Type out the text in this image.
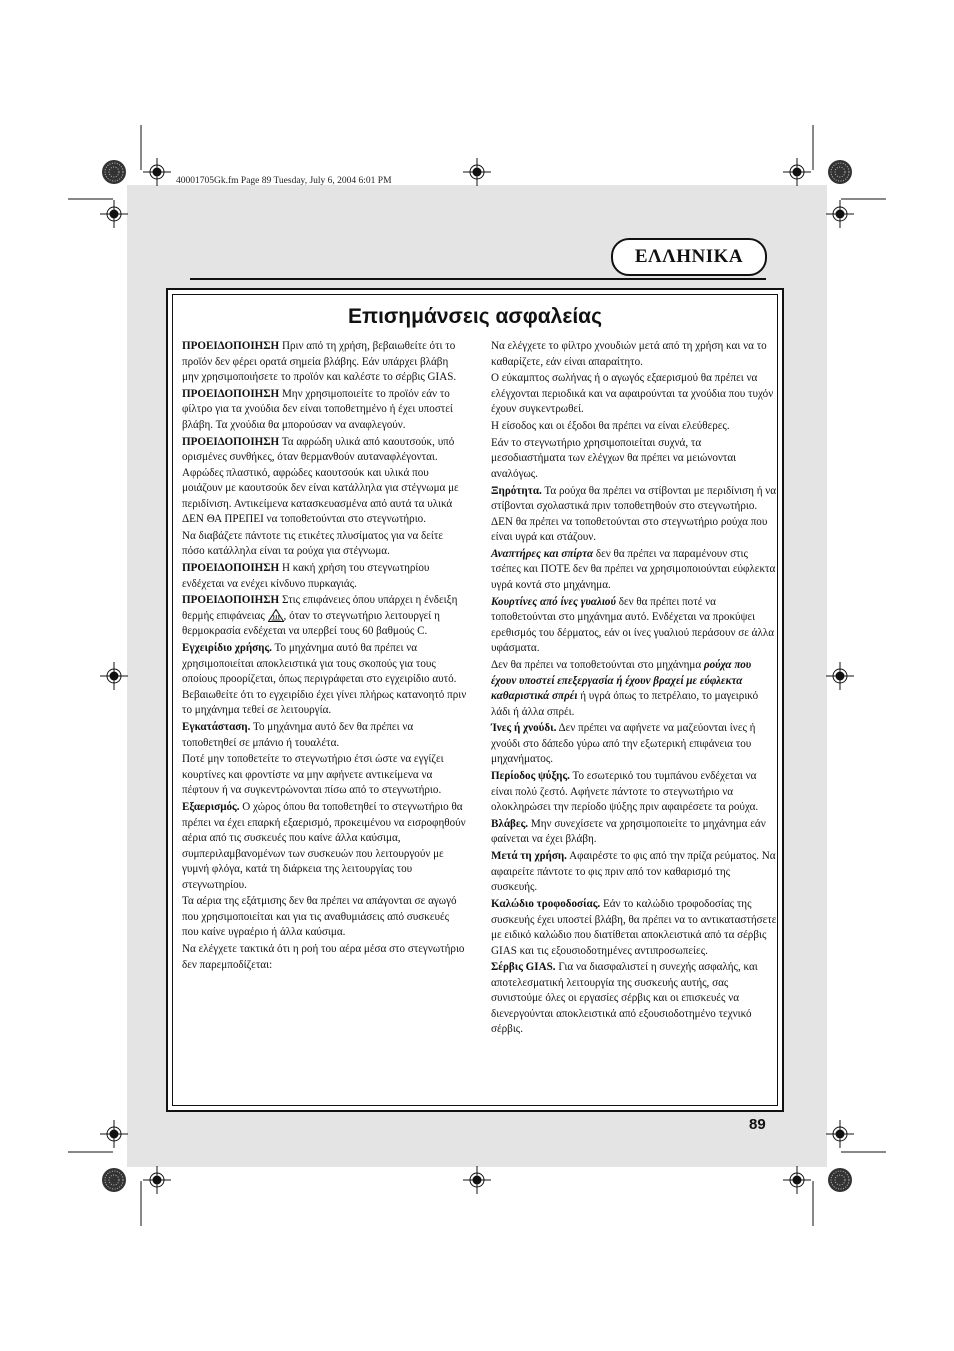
40001705Gk.fm Page 89 Tuesday, July 6, 2004 6:01 PM
ΕΛΛΗΝΙΚΑ
Επισημάνσεις ασφαλείας

ΠΡΟΕΙΔΟΠΟΙΗΣΗ Πριν από τη χρήση, βεβαιωθείτε ότι το προϊόν δεν φέρει ορατά σημεία βλάβης. Εάν υπάρχει βλάβη μην χρησιμοποιήσετε το προϊόν και καλέστε το σέρβις GIAS.

ΠΡΟΕΙΔΟΠΟΙΗΣΗ Μην χρησιμοποιείτε το προϊόν εάν το φίλτρο για τα χνούδια δεν είναι τοποθετημένο ή έχει υποστεί βλάβη. Τα χνούδια θα μπορούσαν να αναφλεγούν.

ΠΡΟΕΙΔΟΠΟΙΗΣΗ Τα αφρώδη υλικά από καουτσούκ, υπό ορισμένες συνθήκες, όταν θερμανθούν αυταναφλέγονται. Αφρώδες πλαστικό, αφρώδες καουτσούκ και υλικά που μοιάζουν με καουτσούκ δεν είναι κατάλληλα για στέγνωμα με περιδίνιση. Αντικείμενα κατασκευασμένα από αυτά τα υλικά ΔΕΝ ΘΑ ΠΡΕΠΕΙ να τοποθετούνται στο στεγνωτήριο.

Να διαβάζετε πάντοτε τις ετικέτες πλυσίματος για να δείτε πόσο κατάλληλα είναι τα ρούχα για στέγνωμα.

ΠΡΟΕΙΔΟΠΟΙΗΣΗ Η κακή χρήση του στεγνωτηρίου ενδέχεται να ενέχει κίνδυνο πυρκαγιάς.

ΠΡΟΕΙΔΟΠΟΙΗΣΗ Στις επιφάνειες όπου υπάρχει η ένδειξη θερμής επιφάνειας , όταν το στεγνωτήριο λειτουργεί η θερμοκρασία ενδέχεται να υπερβεί τους 60 βαθμούς C.

Εγχειρίδιο χρήσης. Το μηχάνημα αυτό θα πρέπει να χρησιμοποιείται αποκλειστικά για τους σκοπούς για τους οποίους προορίζεται, όπως περιγράφεται στο εγχειρίδιο αυτό. Βεβαιωθείτε ότι το εγχειρίδιο έχει γίνει πλήρως κατανοητό πριν το μηχάνημα τεθεί σε λειτουργία.

Εγκατάσταση. Το μηχάνημα αυτό δεν θα πρέπει να τοποθετηθεί σε μπάνιο ή τουαλέτα.

Ποτέ μην τοποθετείτε το στεγνωτήριο έτσι ώστε να εγγίζει κουρτίνες και φροντίστε να μην αφήνετε αντικείμενα να πέφτουν ή να συγκεντρώνονται πίσω από το στεγνωτήριο.

Εξαερισμός. Ο χώρος όπου θα τοποθετηθεί το στεγνωτήριο θα πρέπει να έχει επαρκή εξαερισμό, προκειμένου να εισροφηθούν αέρια από τις συσκευές που καίνε άλλα καύσιμα, συμπεριλαμβανομένων των συσκευών που λειτουργούν με γυμνή φλόγα, κατά τη διάρκεια της λειτουργίας του στεγνωτηρίου.

Τα αέρια της εξάτμισης δεν θα πρέπει να απάγονται σε αγωγό που χρησιμοποιείται και για τις αναθυμιάσεις από συσκευές που καίνε υγραέριο ή άλλα καύσιμα.

Να ελέγχετε τακτικά ότι η ροή του αέρα μέσα στο στεγνωτήριο δεν παρεμποδίζεται:

Να ελέγχετε το φίλτρο χνουδιών μετά από τη χρήση και να το καθαρίζετε, εάν είναι απαραίτητο.

Ο εύκαμπτος σωλήνας ή ο αγωγός εξαερισμού θα πρέπει να ελέγχονται περιοδικά και να αφαιρούνται τα χνούδια που τυχόν έχουν συγκεντρωθεί.

Η είσοδος και οι έξοδοι θα πρέπει να είναι ελεύθερες.

Εάν το στεγνωτήριο χρησιμοποιείται συχνά, τα μεσοδιαστήματα των ελέγχων θα πρέπει να μειώνονται αναλόγως.

Ξηρότητα. Τα ρούχα θα πρέπει να στίβονται με περιδίνιση ή να στίβονται σχολαστικά πριν τοποθετηθούν στο στεγνωτήριο. ΔΕΝ θα πρέπει να τοποθετούνται στο στεγνωτήριο ρούχα που είναι υγρά και στάζουν.

Αναπτήρες και σπίρτα δεν θα πρέπει να παραμένουν στις τσέπες και ΠΟΤΕ δεν θα πρέπει να χρησιμοποιούνται εύφλεκτα υγρά κοντά στο μηχάνημα.

Κουρτίνες από ίνες γυαλιού δεν θα πρέπει ποτέ να τοποθετούνται στο μηχάνημα αυτό. Ενδέχεται να προκύψει ερεθισμός του δέρματος, εάν οι ίνες γυαλιού περάσουν σε άλλα υφάσματα.

Δεν θα πρέπει να τοποθετούνται στο μηχάνημα ρούχα που έχουν υποστεί επεξεργασία ή έχουν βραχεί με εύφλεκτα καθαριστικά σπρέι ή υγρά όπως το πετρέλαιο, το μαγειρικό λάδι ή άλλα σπρέι.

Ίνες ή χνούδι. Δεν πρέπει να αφήνετε να μαζεύονται ίνες ή χνούδι στο δάπεδο γύρω από την εξωτερική επιφάνεια του μηχανήματος.

Περίοδος ψύξης. Το εσωτερικό του τυμπάνου ενδέχεται να είναι πολύ ζεστό. Αφήνετε πάντοτε το στεγνωτήριο να ολοκληρώσει την περίοδο ψύξης πριν αφαιρέσετε τα ρούχα.

Βλάβες. Μην συνεχίσετε να χρησιμοποιείτε το μηχάνημα εάν φαίνεται να έχει βλάβη.

Μετά τη χρήση. Αφαιρέστε το φις από την πρίζα ρεύματος. Να αφαιρείτε πάντοτε το φις πριν από τον καθαρισμό της συσκευής.

Καλώδιο τροφοδοσίας. Εάν το καλώδιο τροφοδοσίας της συσκευής έχει υποστεί βλάβη, θα πρέπει να το αντικαταστήσετε με ειδικό καλώδιο που διατίθεται αποκλειστικά από τα σέρβις GIAS και τις εξουσιοδοτημένες αντιπροσωπείες.

Σέρβις GIAS. Για να διασφαλιστεί η συνεχής ασφαλής, και αποτελεσματική λειτουργία της συσκευής αυτής, σας συνιστούμε όλες οι εργασίες σέρβις και οι επισκευές να διενεργούνται αποκλειστικά από εξουσιοδοτημένο τεχνικό σέρβις.

89
